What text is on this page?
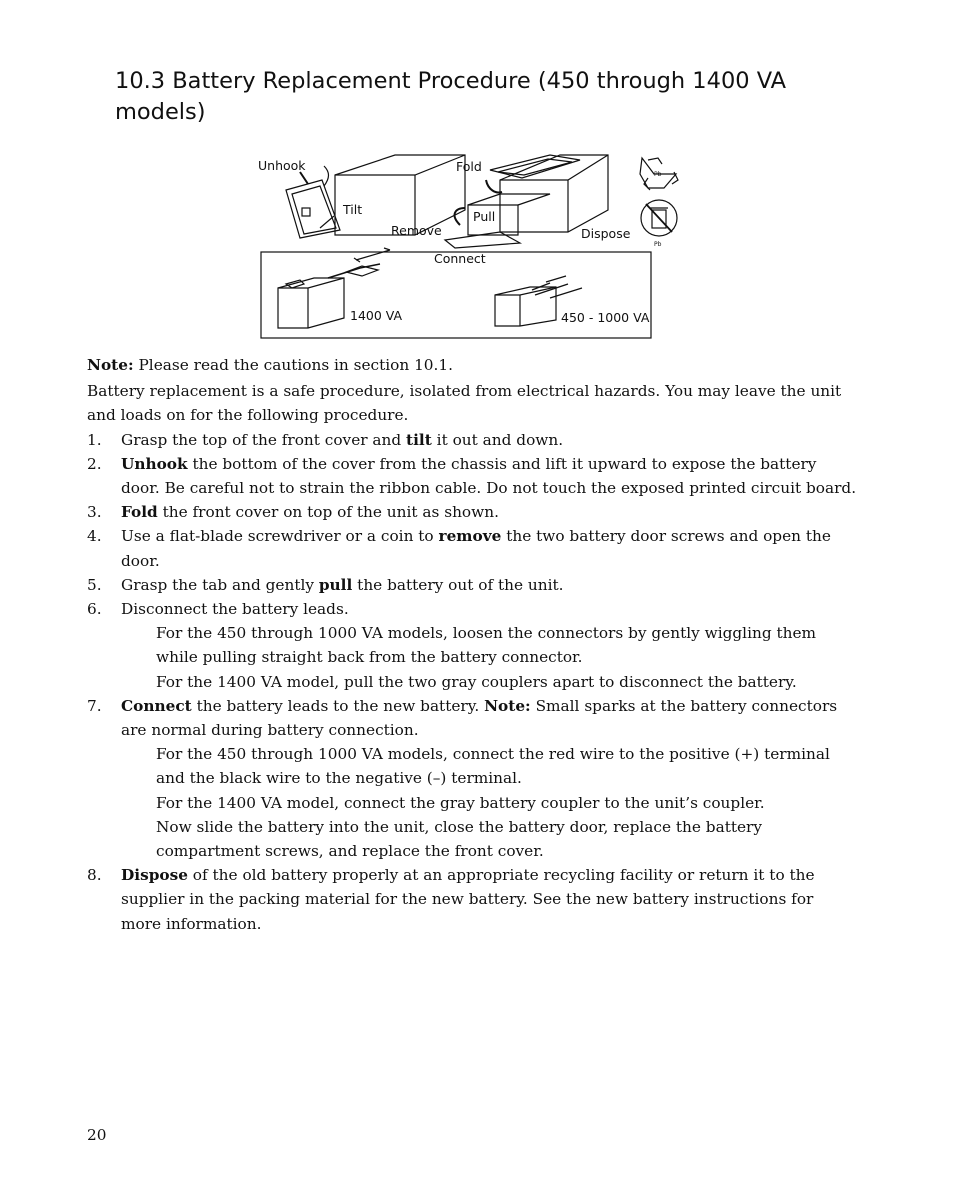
10.3 Battery Replacement Procedure (450 through 1400 VA models)
Unhook
Tilt
Fold
Pull
Remove	Dispose
Connect
1400 VA	450 - 1000 VA
Pb
Pb

Note: Please read the cautions in section 10.1.

Battery replacement is a safe procedure, isolated from electrical hazards. You may leave the unit and loads on for the following procedure.

1. Grasp the top of the front cover and tilt it out and down.
2. Unhook the bottom of the cover from the chassis and lift it upward to expose the battery door. Be careful not to strain the ribbon cable. Do not touch the exposed printed circuit board.
3. Fold the front cover on top of the unit as shown.
4. Use a flat-blade screwdriver or a coin to remove the two battery door screws and open the door.
5. Grasp the tab and gently pull the battery out of the unit.
6. Disconnect the battery leads.

For the 450 through 1000 VA models, loosen the connectors by gently wiggling them while pulling straight back from the battery connector.

For the 1400 VA model, pull the two gray couplers apart to disconnect the battery.

7. Connect the battery leads to the new battery. Note: Small sparks at the battery connectors are normal during battery connection.

For the 450 through 1000 VA models, connect the red wire to the positive (+) terminal and the black wire to the negative (–) terminal.

For the 1400 VA model, connect the gray battery coupler to the unit’s coupler.

Now slide the battery into the unit, close the battery door, replace the battery compartment screws, and replace the front cover.

8. Dispose of the old battery properly at an appropriate recycling facility or return it to the supplier in the packing material for the new battery. See the new battery instructions for more information.
20
